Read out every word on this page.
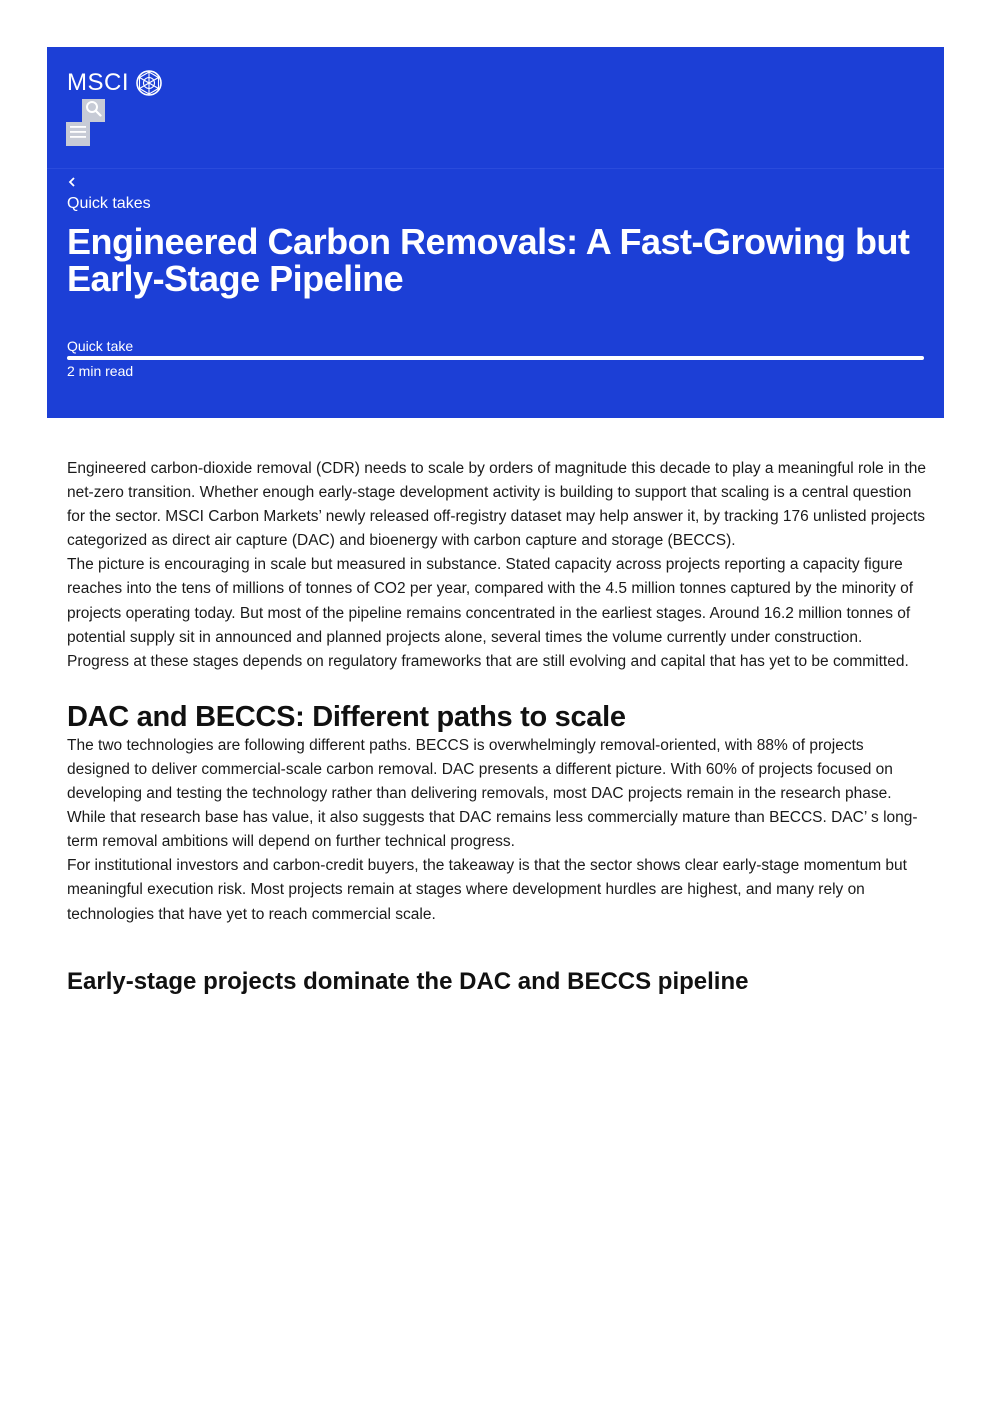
MSCI
Quick takes
Engineered Carbon Removals: A Fast-Growing but Early-Stage Pipeline
Quick take
2 min read

Engineered carbon-dioxide removal (CDR) needs to scale by orders of magnitude this decade to play a meaningful role in the net-zero transition. Whether enough early-stage development activity is building to support that scaling is a central question for the sector. MSCI Carbon Markets’ newly released off-registry dataset may help answer it, by tracking 176 unlisted projects categorized as direct air capture (DAC) and bioenergy with carbon capture and storage (BECCS).

The picture is encouraging in scale but measured in substance. Stated capacity across projects reporting a capacity figure reaches into the tens of millions of tonnes of CO2 per year, compared with the 4.5 million tonnes captured by the minority of projects operating today. But most of the pipeline remains concentrated in the earliest stages. Around 16.2 million tonnes of potential supply sit in announced and planned projects alone, several times the volume currently under construction. Progress at these stages depends on regulatory frameworks that are still evolving and capital that has yet to be committed.

DAC and BECCS: Different paths to scale

The two technologies are following different paths. BECCS is overwhelmingly removal-oriented, with 88% of projects designed to deliver commercial-scale carbon removal. DAC presents a different picture. With 60% of projects focused on developing and testing the technology rather than delivering removals, most DAC projects remain in the research phase.

While that research base has value, it also suggests that DAC remains less commercially mature than BECCS. DAC’ s long-term removal ambitions will depend on further technical progress.

For institutional investors and carbon-credit buyers, the takeaway is that the sector shows clear early-stage momentum but meaningful execution risk. Most projects remain at stages where development hurdles are highest, and many rely on technologies that have yet to reach commercial scale.

Early-stage projects dominate the DAC and BECCS pipeline
